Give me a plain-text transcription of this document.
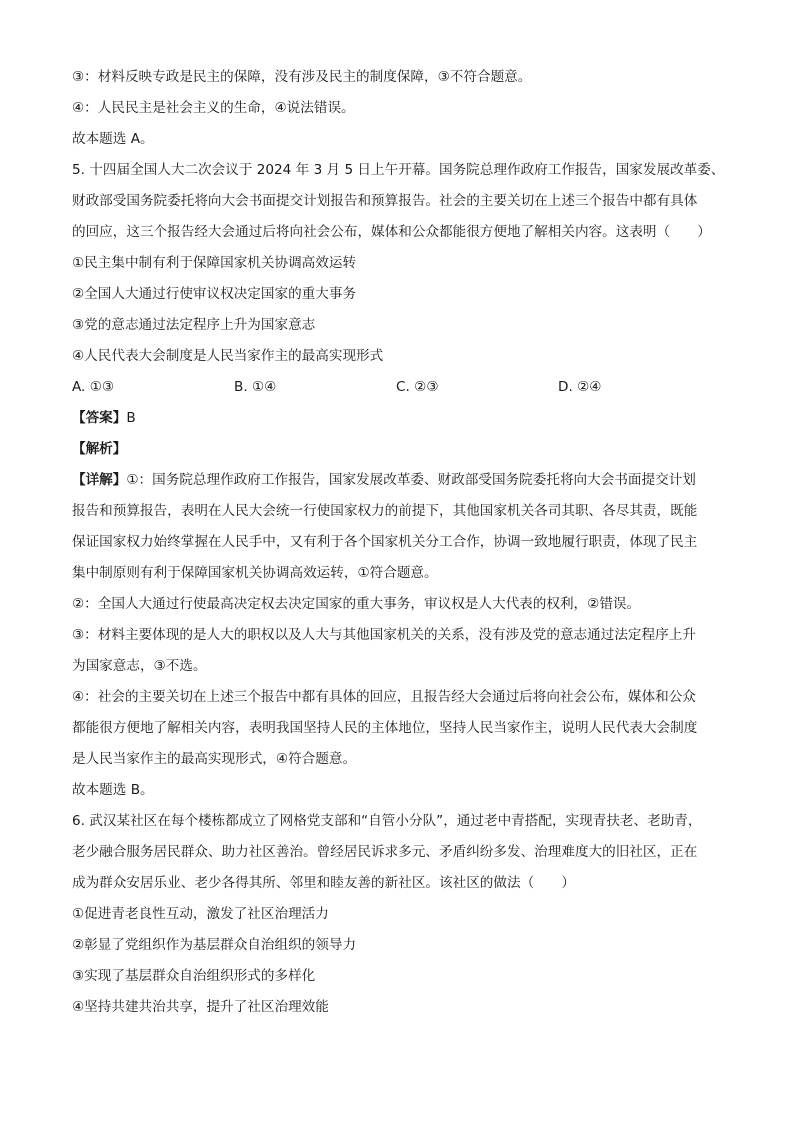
③：材料反映专政是民主的保障，没有涉及民主的制度保障，③不符合题意。
④：人民民主是社会主义的生命，④说法错误。
故本题选 A。
5. 十四届全国人大二次会议于 2024 年 3 月 5 日上午开幕。国务院总理作政府工作报告，国家发展改革委、
财政部受国务院委托将向大会书面提交计划报告和预算报告。社会的主要关切在上述三个报告中都有具体
的回应，这三个报告经大会通过后将向社会公布，媒体和公众都能很方便地了解相关内容。这表明（　　）
①民主集中制有利于保障国家机关协调高效运转
②全国人大通过行使审议权决定国家的重大事务
③党的意志通过法定程序上升为国家意志
④人民代表大会制度是人民当家作主的最高实现形式
A. ①③	B. ①④	C. ②③	D. ②④
【答案】B
【解析】
【详解】①：国务院总理作政府工作报告，国家发展改革委、财政部受国务院委托将向大会书面提交计划
报告和预算报告，表明在人民大会统一行使国家权力的前提下，其他国家机关各司其职、各尽其责，既能
保证国家权力始终掌握在人民手中，又有利于各个国家机关分工合作，协调一致地履行职责，体现了民主
集中制原则有利于保障国家机关协调高效运转，①符合题意。
②：全国人大通过行使最高决定权去决定国家的重大事务，审议权是人大代表的权利，②错误。
③：材料主要体现的是人大的职权以及人大与其他国家机关的关系，没有涉及党的意志通过法定程序上升
为国家意志，③不选。
④：社会的主要关切在上述三个报告中都有具体的回应，且报告经大会通过后将向社会公布，媒体和公众
都能很方便地了解相关内容，表明我国坚持人民的主体地位，坚持人民当家作主，说明人民代表大会制度
是人民当家作主的最高实现形式，④符合题意。
故本题选 B。
6. 武汉某社区在每个楼栋都成立了网格党支部和“自管小分队”，通过老中青搭配，实现青扶老、老助青，
老少融合服务居民群众、助力社区善治。曾经居民诉求多元、矛盾纠纷多发、治理难度大的旧社区，正在
成为群众安居乐业、老少各得其所、邻里和睦友善的新社区。该社区的做法（　　）
①促进青老良性互动，激发了社区治理活力
②彰显了党组织作为基层群众自治组织的领导力
③实现了基层群众自治组织形式的多样化
④坚持共建共治共享，提升了社区治理效能
